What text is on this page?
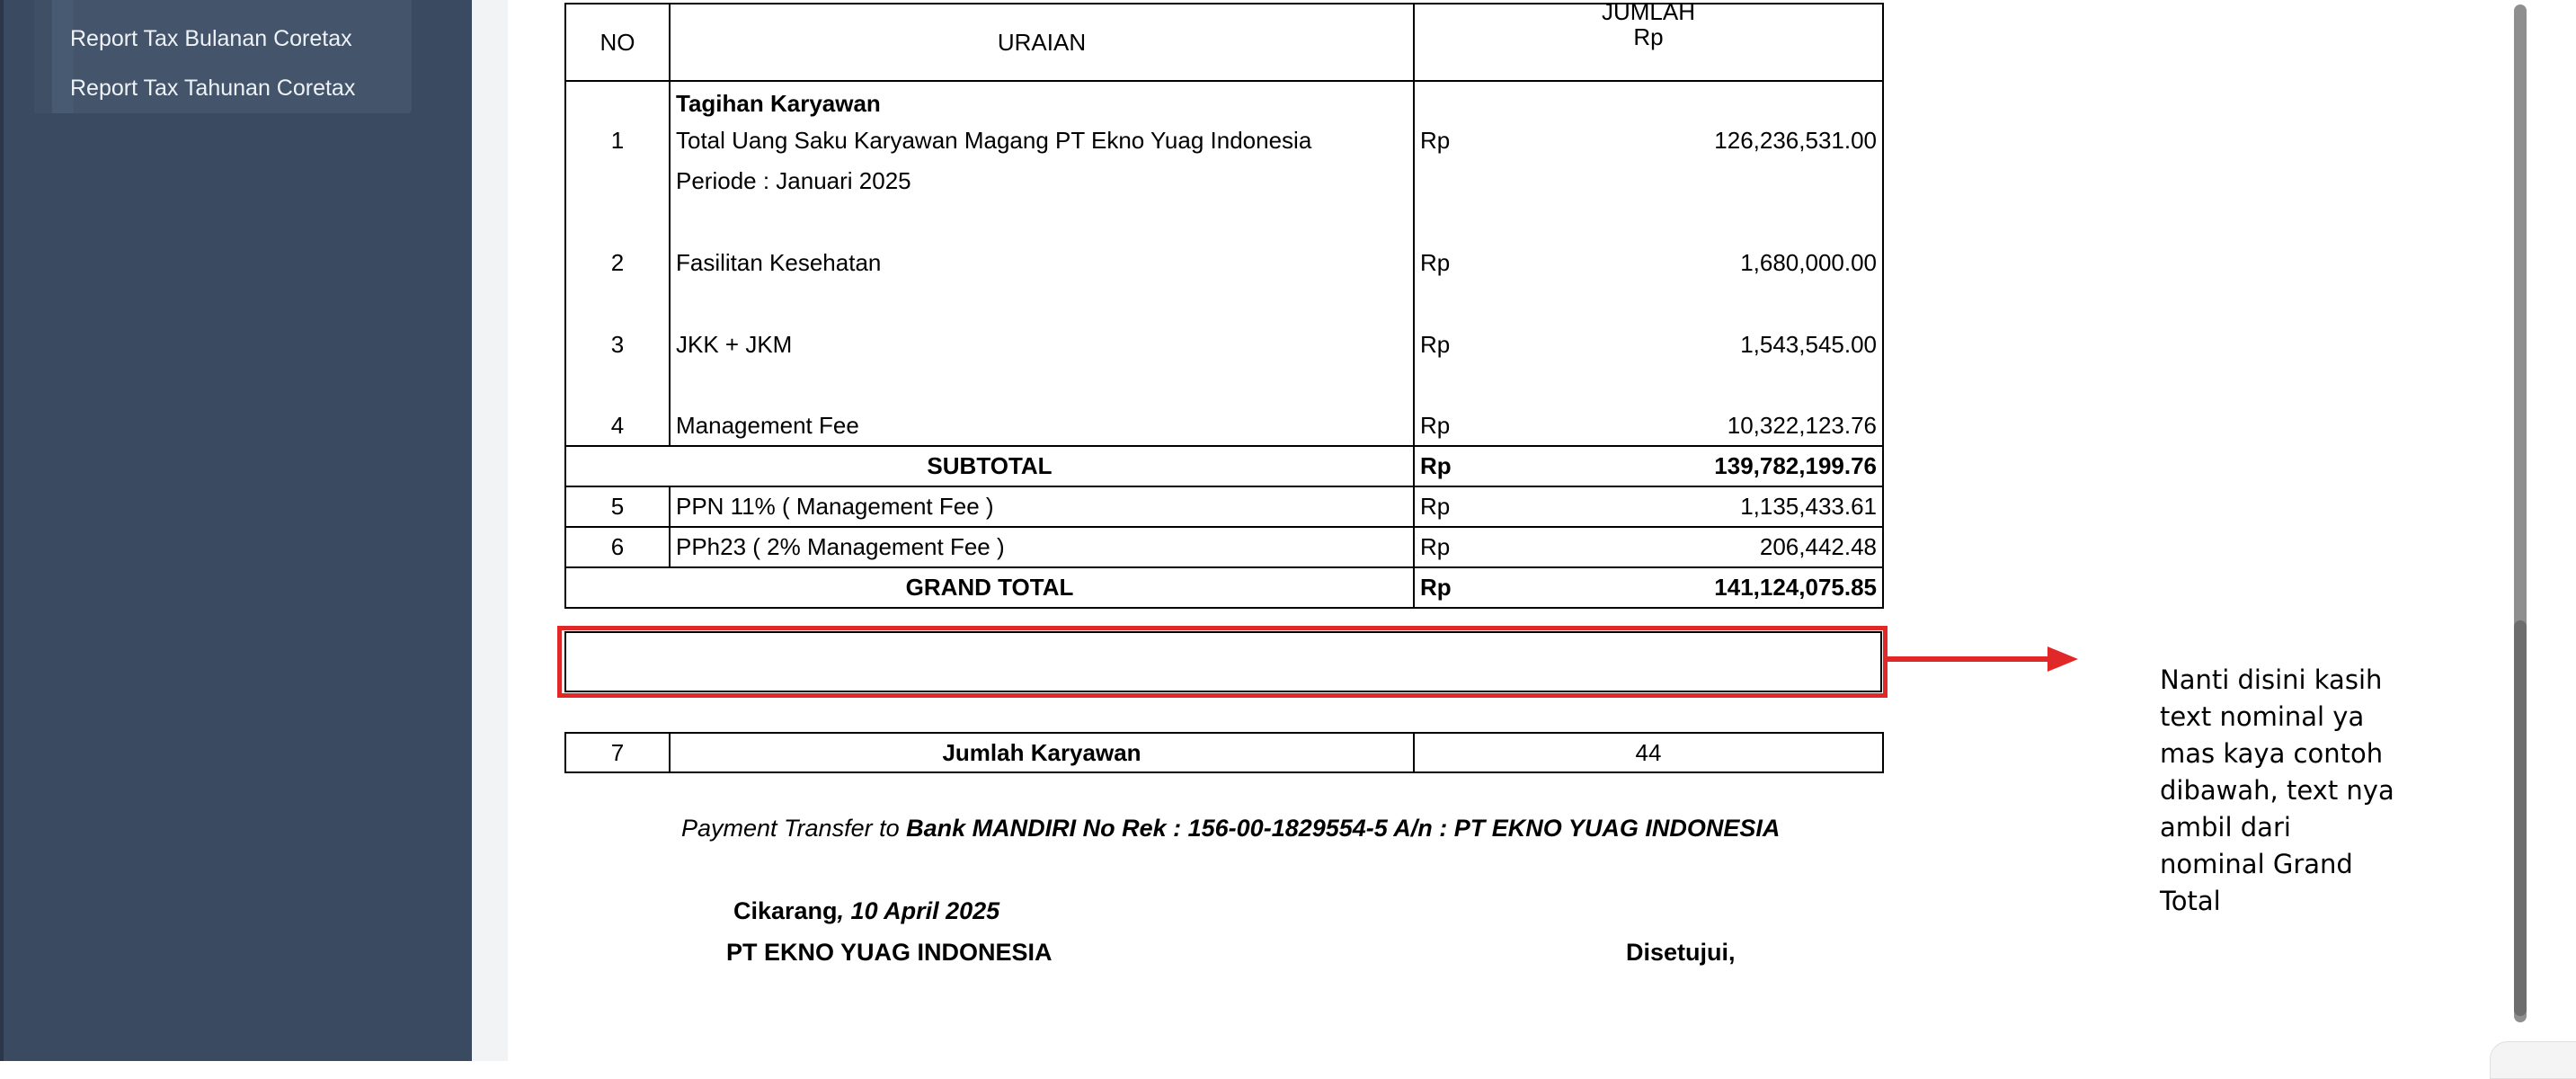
Report Tax Bulanan Coretax
Report Tax Tahunan Coretax
NO	URAIAN	JUMLAH
Rp	

	Tagihan Karyawan		
1	Total Uang Saku Karyawan Magang PT Ekno Yuag Indonesia	Rp	126,236,531.00
	Periode : Januari 2025		

2	Fasilitan Kesehatan	Rp	1,680,000.00

3	JKK + JKM	Rp	1,543,545.00

4	Management Fee	Rp	10,322,123.76
SUBTOTAL		Rp	139,782,199.76
5	PPN 11% ( Management Fee )	Rp	1,135,433.61
6	PPh23 ( 2% Management Fee )	Rp	206,442.48
GRAND TOTAL		Rp	141,124,075.85
7	Jumlah Karyawan	44
Nanti disini kasih text nominal ya mas kaya contoh dibawah, text nya ambil dari nominal Grand Total
Payment Transfer to Bank MANDIRI No Rek : 156-00-1829554-5 A/n : PT EKNO YUAG INDONESIA
Cikarang, 10 April 2025
PT EKNO YUAG INDONESIA	Disetujui,
